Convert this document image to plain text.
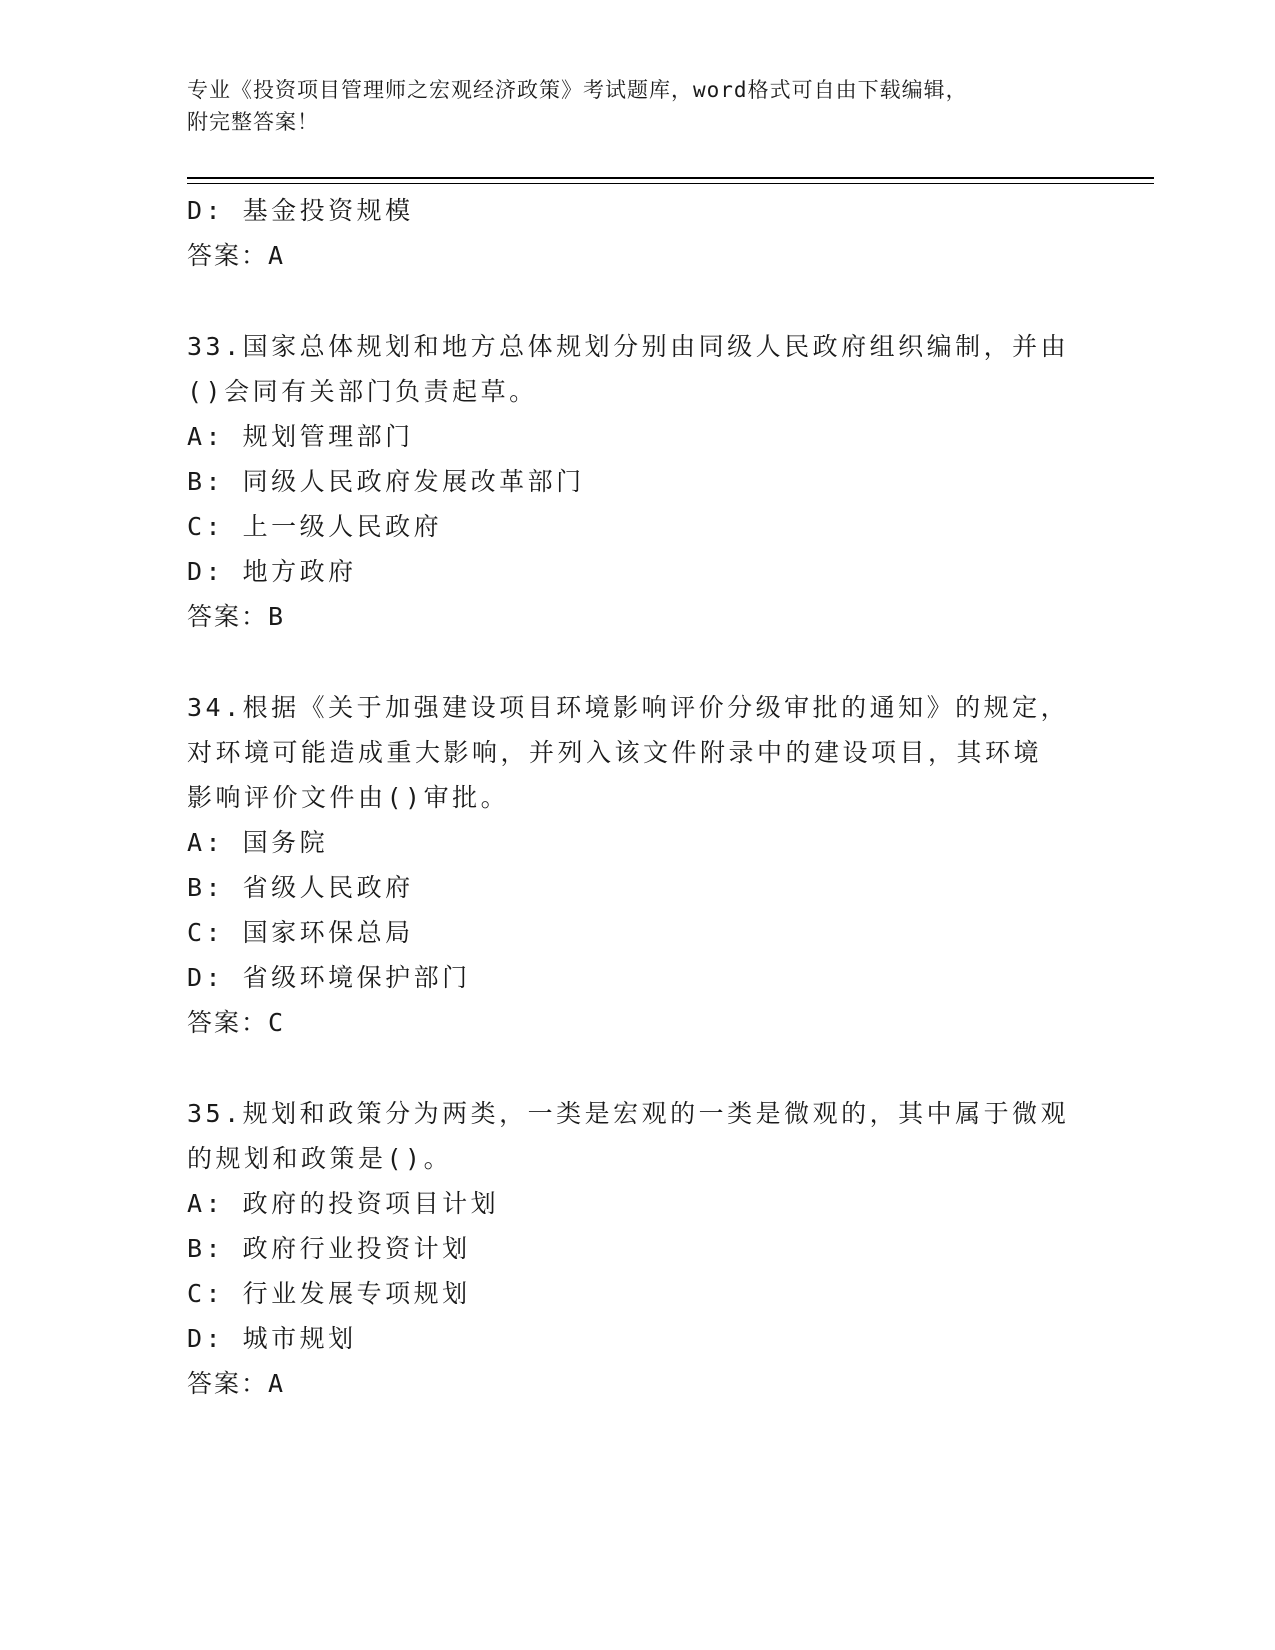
专业《投资项目管理师之宏观经济政策》考试题库，word格式可自由下载编辑，
附完整答案！
D: 基金投资规模
答案：A
33.国家总体规划和地方总体规划分别由同级人民政府组织编制，并由
()会同有关部门负责起草。
A: 规划管理部门
B: 同级人民政府发展改革部门
C: 上一级人民政府
D: 地方政府
答案：B
34.根据《关于加强建设项目环境影响评价分级审批的通知》的规定，
对环境可能造成重大影响，并列入该文件附录中的建设项目，其环境
影响评价文件由()审批。
A: 国务院
B: 省级人民政府
C: 国家环保总局
D: 省级环境保护部门
答案：C
35.规划和政策分为两类，一类是宏观的一类是微观的，其中属于微观
的规划和政策是()。
A: 政府的投资项目计划
B: 政府行业投资计划
C: 行业发展专项规划
D: 城市规划
答案：A
